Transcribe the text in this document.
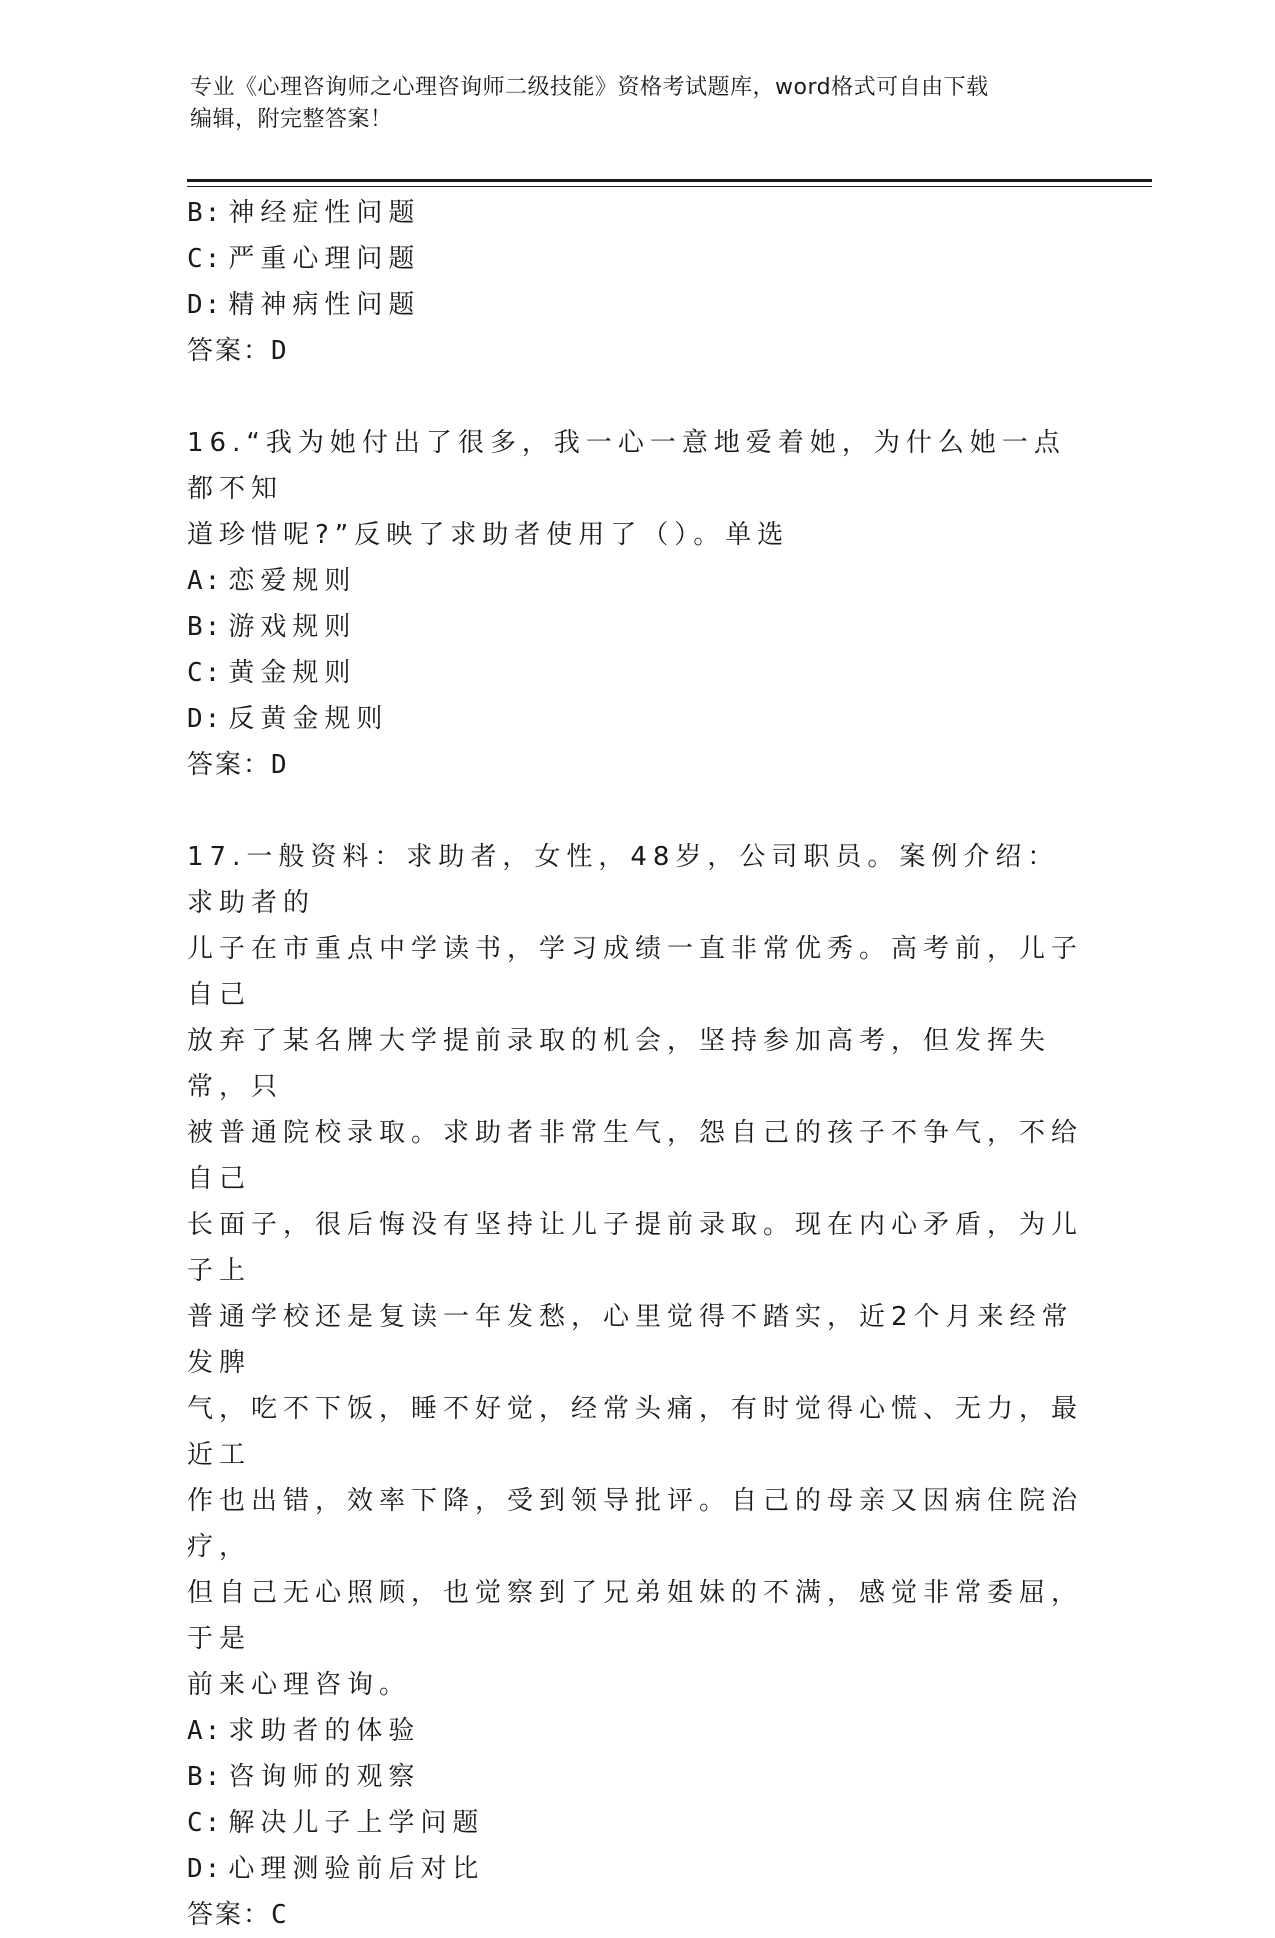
专业《心理咨询师之心理咨询师二级技能》资格考试题库，word格式可自由下载
编辑，附完整答案！
B: 神经症性问题
C: 严重心理问题
D: 精神病性问题
答案：D
16.“我为她付出了很多，我一心一意地爱着她，为什么她一点都不知
道珍惜呢?”反映了求助者使用了（）。单选
A: 恋爱规则
B: 游戏规则
C: 黄金规则
D: 反黄金规则
答案：D
17.一般资料：求助者，女性，48岁，公司职员。案例介绍：求助者的
儿子在市重点中学读书，学习成绩一直非常优秀。高考前，儿子自己
放弃了某名牌大学提前录取的机会，坚持参加高考，但发挥失常，只
被普通院校录取。求助者非常生气，怨自己的孩子不争气，不给自己
长面子，很后悔没有坚持让儿子提前录取。现在内心矛盾，为儿子上
普通学校还是复读一年发愁，心里觉得不踏实，近2个月来经常发脾
气，吃不下饭，睡不好觉，经常头痛，有时觉得心慌、无力，最近工
作也出错，效率下降，受到领导批评。自己的母亲又因病住院治疗，
但自己无心照顾，也觉察到了兄弟姐妹的不满，感觉非常委屈，于是
前来心理咨询。
A: 求助者的体验
B: 咨询师的观察
C: 解决儿子上学问题
D: 心理测验前后对比
答案：C
